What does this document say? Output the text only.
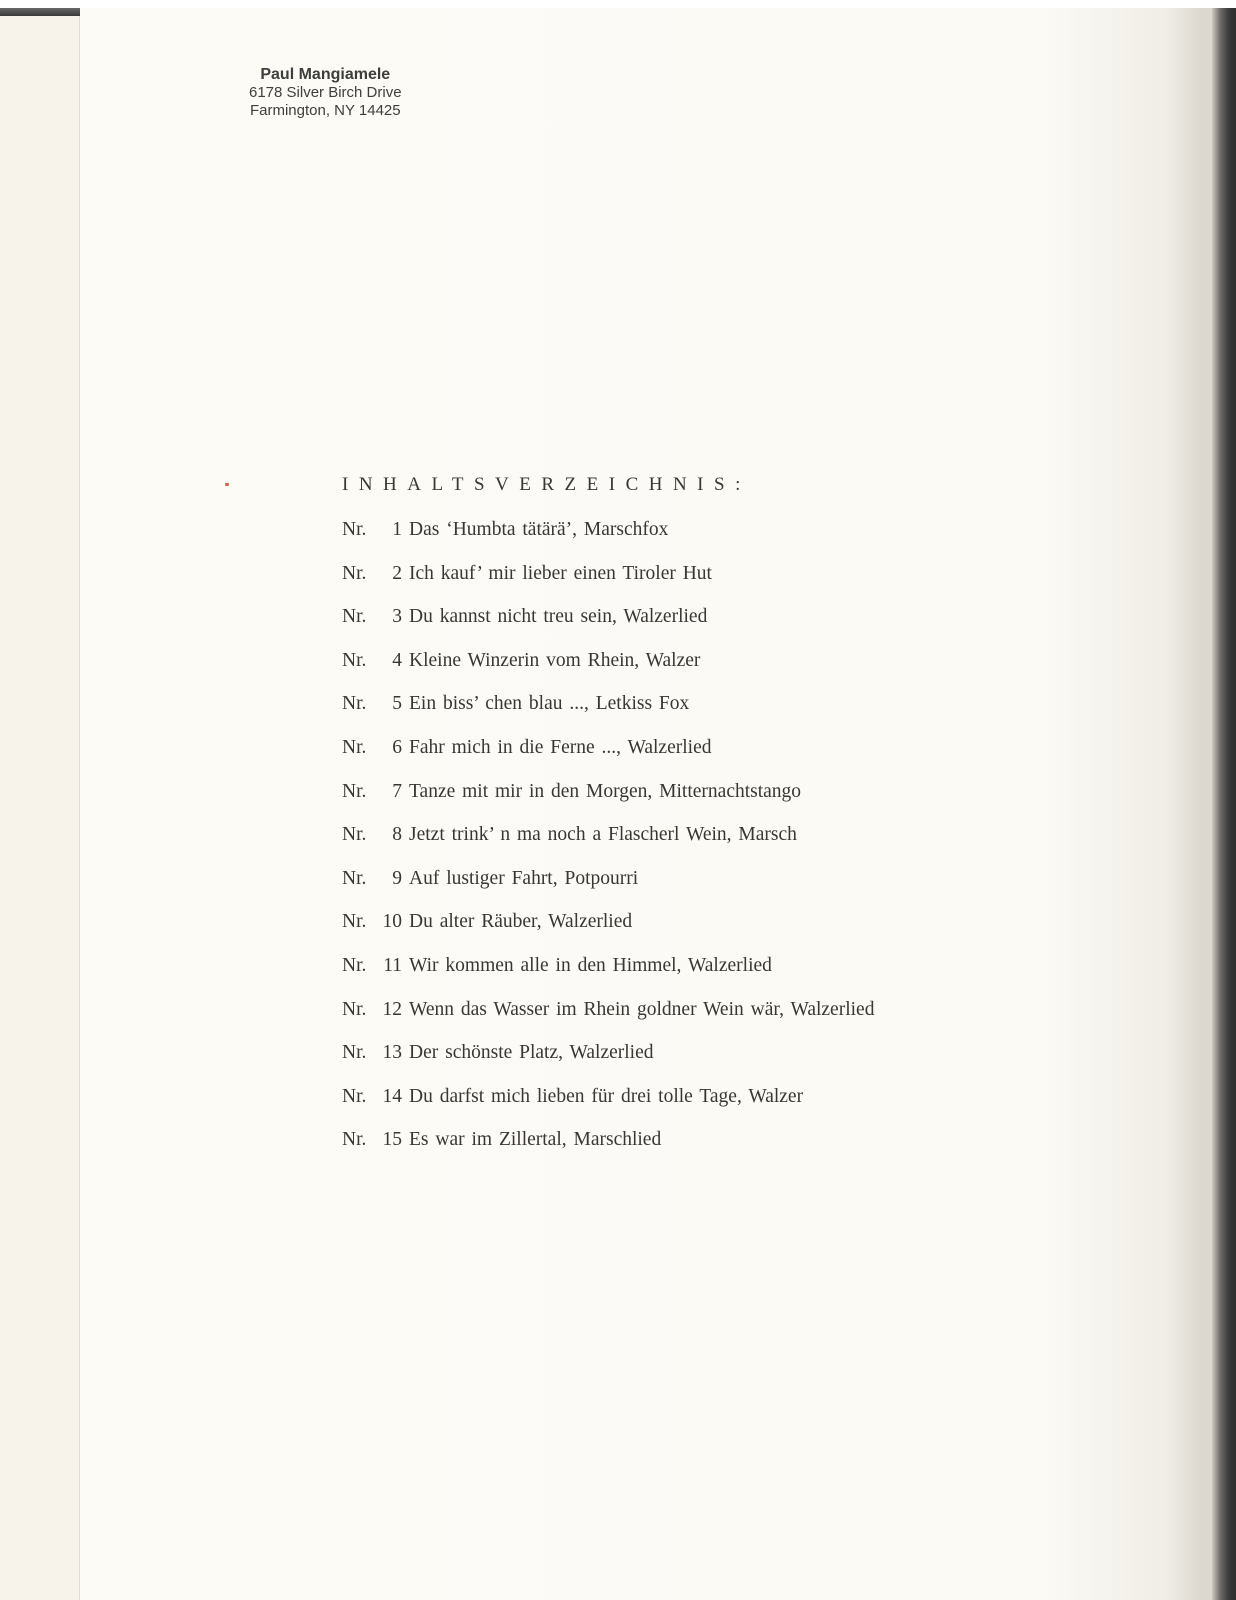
Paul Mangiamele
6178 Silver Birch Drive
Farmington, NY 14425
INHALTSVERZEICHNIS:
Nr. 1 Das ‘Humbta tätärä’, Marschfox
Nr. 2 Ich kauf’ mir lieber einen Tiroler Hut
Nr. 3 Du kannst nicht treu sein, Walzerlied
Nr. 4 Kleine Winzerin vom Rhein, Walzer
Nr. 5 Ein biss’ chen blau ..., Letkiss Fox
Nr. 6 Fahr mich in die Ferne ..., Walzerlied
Nr. 7 Tanze mit mir in den Morgen, Mitternachtstango
Nr. 8 Jetzt trink’ n ma noch a Flascherl Wein, Marsch
Nr. 9 Auf lustiger Fahrt, Potpourri
Nr. 10 Du alter Räuber, Walzerlied
Nr. 11 Wir kommen alle in den Himmel, Walzerlied
Nr. 12 Wenn das Wasser im Rhein goldner Wein wär, Walzerlied
Nr. 13 Der schönste Platz, Walzerlied
Nr. 14 Du darfst mich lieben für drei tolle Tage, Walzer
Nr. 15 Es war im Zillertal, Marschlied
